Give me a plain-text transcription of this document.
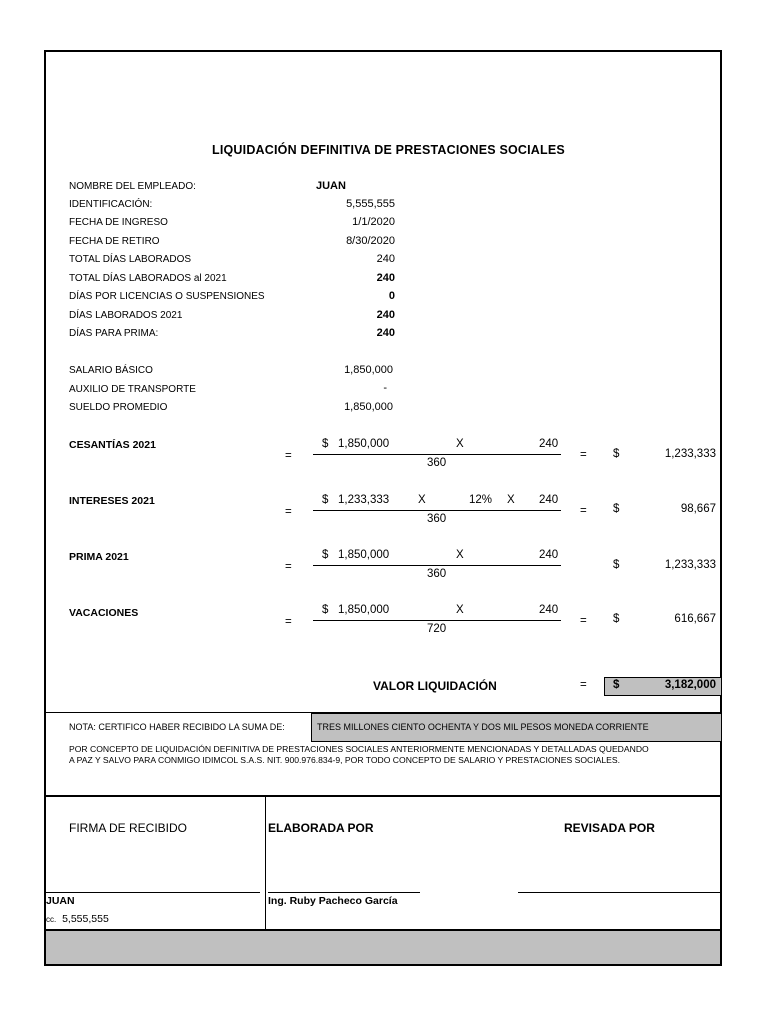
LIQUIDACIÓN DEFINITIVA DE PRESTACIONES SOCIALES
NOMBRE DEL EMPLEADO:	JUAN
IDENTIFICACIÓN:	5,555,555
FECHA DE INGRESO	1/1/2020
FECHA DE RETIRO	8/30/2020
TOTAL DÍAS LABORADOS	240
TOTAL DÍAS LABORADOS al 2021	240
DÍAS POR LICENCIAS O SUSPENSIONES	0
DÍAS LABORADOS 2021	240
DÍAS PARA PRIMA:	240
SALARIO BÁSICO	1,850,000
AUXILIO DE TRANSPORTE	-
SUELDO PROMEDIO	1,850,000
CESANTÍAS 2021
=
$ 1,850,000	X	240
360
= $	1,233,333
INTERESES 2021
=
$ 1,233,333	X	12% X 240
360
= $	98,667
PRIMA 2021
=
$ 1,850,000	X	240
360
$	1,233,333
VACACIONES
=
$ 1,850,000	X	240
720
= $	616,667
VALOR LIQUIDACIÓN	= $	3,182,000
NOTA: CERTIFICO HABER RECIBIDO LA SUMA DE:	TRES MILLONES CIENTO OCHENTA Y DOS MIL PESOS MONEDA CORRIENTE
POR CONCEPTO DE LIQUIDACIÓN DEFINITIVA DE PRESTACIONES SOCIALES ANTERIORMENTE MENCIONADAS Y DETALLADAS QUEDANDO
A PAZ Y SALVO PARA CONMIGO IDIMCOL S.A.S. NIT. 900.976.834-9, POR TODO CONCEPTO DE SALARIO Y PRESTACIONES SOCIALES.
FIRMA DE RECIBIDO	ELABORADA POR	REVISADA POR
JUAN
cc. 5,555,555
Ing. Ruby Pacheco García
